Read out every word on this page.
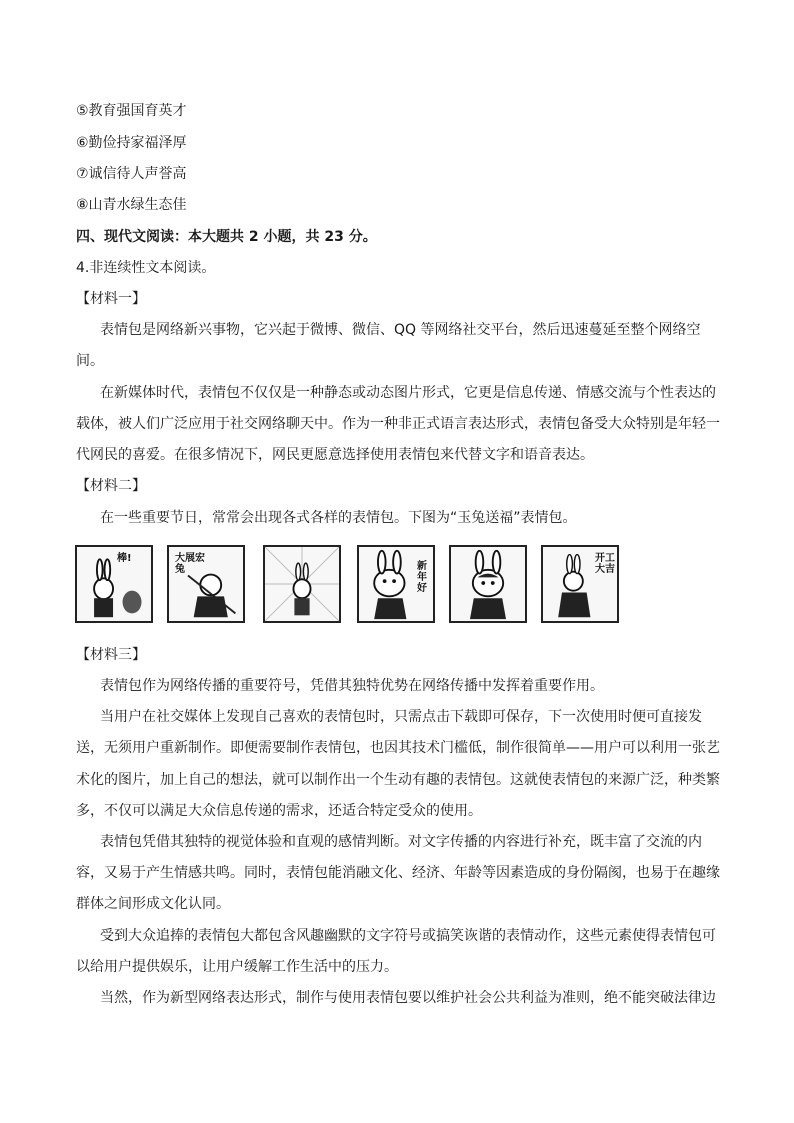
⑤教育强国育英才
⑥勤俭持家福泽厚
⑦诚信待人声誉高
⑧山青水绿生态佳
四、现代文阅读：本大题共 2 小题，共 23 分。
4.非连续性文本阅读。
【材料一】
表情包是网络新兴事物，它兴起于微博、微信、QQ 等网络社交平台，然后迅速蔓延至整个网络空
间。
在新媒体时代，表情包不仅仅是一种静态或动态图片形式，它更是信息传递、情感交流与个性表达的
载体，被人们广泛应用于社交网络聊天中。作为一种非正式语言表达形式，表情包备受大众特别是年轻一
代网民的喜爱。在很多情况下，网民更愿意选择使用表情包来代替文字和语音表达。
【材料二】
在一些重要节日，常常会出现各式各样的表情包。下图为“玉兔送福”表情包。
棒!	大展宏兔	新年好
开工大吉
【材料三】
表情包作为网络传播的重要符号，凭借其独特优势在网络传播中发挥着重要作用。
当用户在社交媒体上发现自己喜欢的表情包时，只需点击下载即可保存，下一次使用时便可直接发
送，无须用户重新制作。即便需要制作表情包，也因其技术门槛低，制作很简单——用户可以利用一张艺
术化的图片，加上自己的想法，就可以制作出一个生动有趣的表情包。这就使表情包的来源广泛，种类繁
多，不仅可以满足大众信息传递的需求，还适合特定受众的使用。
表情包凭借其独特的视觉体验和直观的感情判断。对文字传播的内容进行补充，既丰富了交流的内
容，又易于产生情感共鸣。同时，表情包能消融文化、经济、年龄等因素造成的身份隔阂，也易于在趣缘
群体之间形成文化认同。
受到大众追捧的表情包大都包含风趣幽默的文字符号或搞笑诙谐的表情动作，这些元素使得表情包可
以给用户提供娱乐，让用户缓解工作生活中的压力。
当然，作为新型网络表达形式，制作与使用表情包要以维护社会公共利益为准则，绝不能突破法律边
